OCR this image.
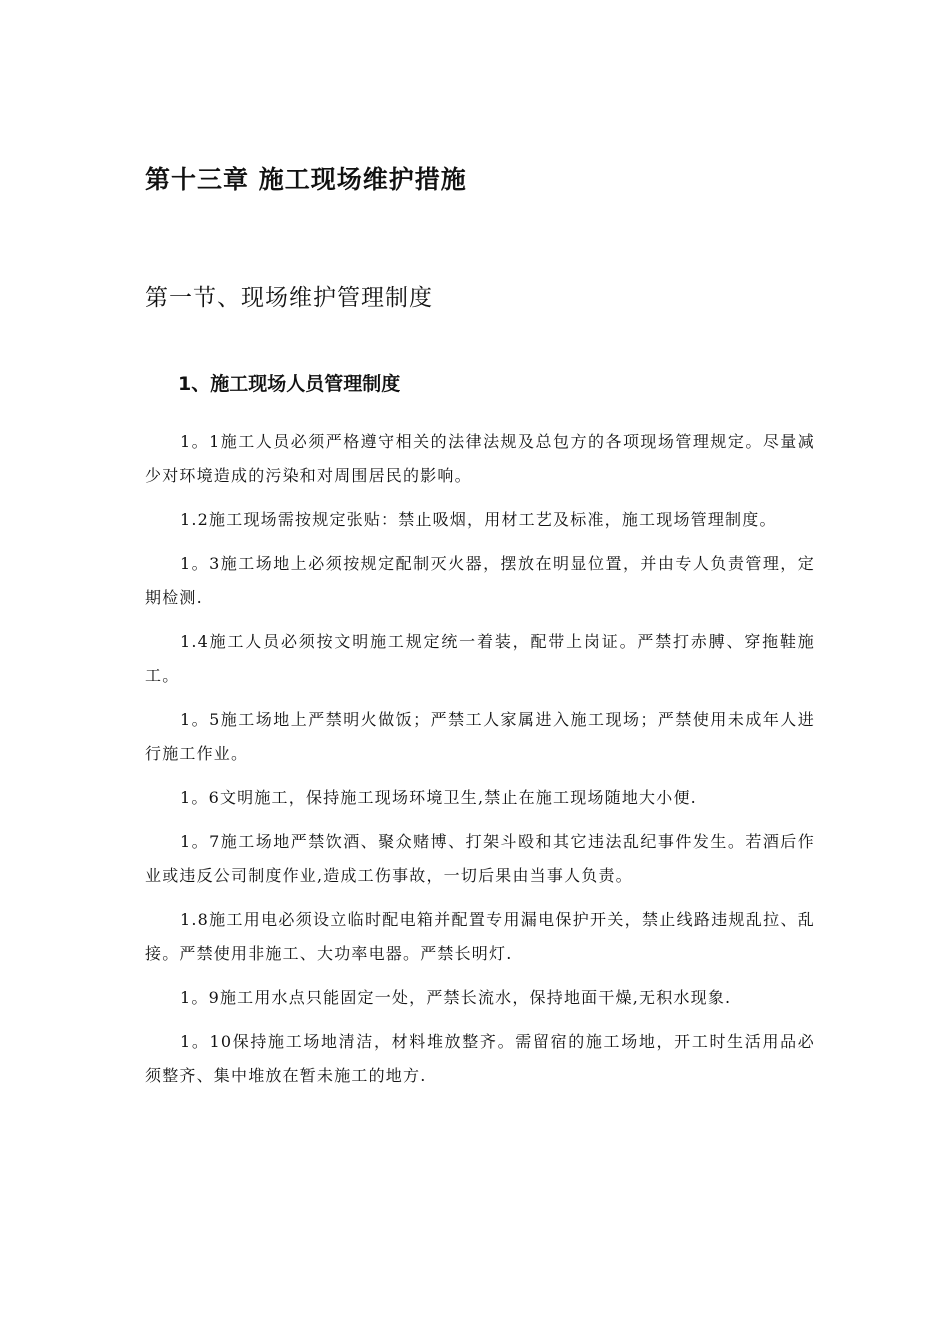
第十三章 施工现场维护措施
第一节、现场维护管理制度
1、施工现场人员管理制度

1。1施工人员必须严格遵守相关的法律法规及总包方的各项现场管理规定。尽量减少对环境造成的污染和对周围居民的影响。

1.2施工现场需按规定张贴：禁止吸烟，用材工艺及标准，施工现场管理制度。

1。3施工场地上必须按规定配制灭火器，摆放在明显位置，并由专人负责管理，定期检测.

1.4施工人员必须按文明施工规定统一着装，配带上岗证。严禁打赤膊、穿拖鞋施工。

1。5施工场地上严禁明火做饭；严禁工人家属进入施工现场；严禁使用未成年人进行施工作业。

1。6文明施工，保持施工现场环境卫生,禁止在施工现场随地大小便.

1。7施工场地严禁饮酒、聚众赌博、打架斗殴和其它违法乱纪事件发生。若酒后作业或违反公司制度作业,造成工伤事故，一切后果由当事人负责。

1.8施工用电必须设立临时配电箱并配置专用漏电保护开关，禁止线路违规乱拉、乱接。严禁使用非施工、大功率电器。严禁长明灯.

1。9施工用水点只能固定一处，严禁长流水，保持地面干燥,无积水现象.

1。10保持施工场地清洁，材料堆放整齐。需留宿的施工场地，开工时生活用品必须整齐、集中堆放在暂未施工的地方.
